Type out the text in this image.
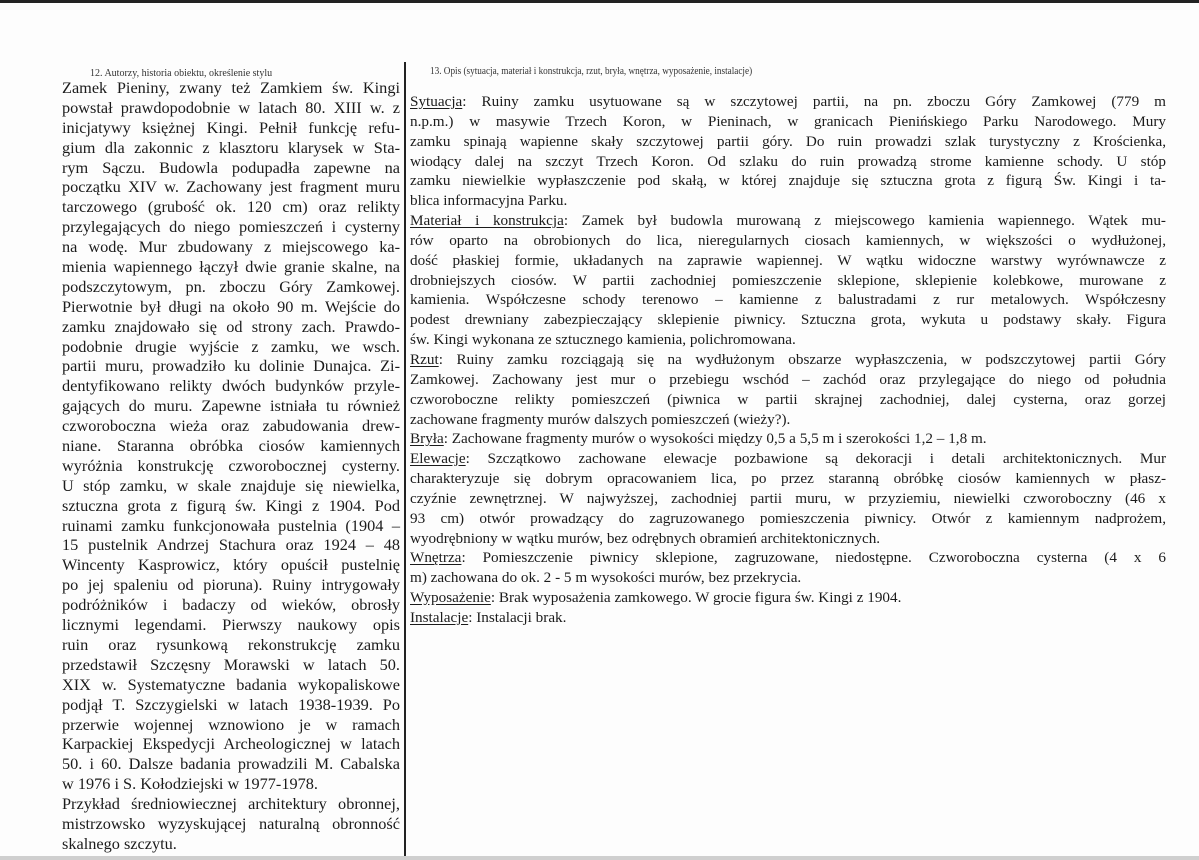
12. Autorzy, historia obiektu, określenie stylu	13. Opis (sytuacja, materiał i konstrukcja, rzut, bryła, wnętrza, wyposażenie, instalacje)
Zamek Pieniny, zwany też Zamkiem św. Kingi
powstał prawdopodobnie w latach 80. XIII w. z
inicjatywy księżnej Kingi. Pełnił funkcję refu-
gium dla zakonnic z klasztoru klarysek w Sta-
rym Sączu. Budowla podupadła zapewne na
początku XIV w. Zachowany jest fragment muru
tarczowego (grubość ok. 120 cm) oraz relikty
przylegających do niego pomieszczeń i cysterny
na wodę. Mur zbudowany z miejscowego ka-
mienia wapiennego łączył dwie granie skalne, na
podszczytowym, pn. zboczu Góry Zamkowej.
Pierwotnie był długi na około 90 m. Wejście do
zamku znajdowało się od strony zach. Prawdo-
podobnie drugie wyjście z zamku, we wsch.
partii muru, prowadziło ku dolinie Dunajca. Zi-
dentyfikowano relikty dwóch budynków przyle-
gających do muru. Zapewne istniała tu również
czworoboczna wieża oraz zabudowania drew-
niane. Staranna obróbka ciosów kamiennych
wyróżnia konstrukcję czworobocznej cysterny.
U stóp zamku, w skale znajduje się niewielka,
sztuczna grota z figurą św. Kingi z 1904. Pod
ruinami zamku funkcjonowała pustelnia (1904 –
15 pustelnik Andrzej Stachura oraz 1924 – 48
Wincenty Kasprowicz, który opuścił pustelnię
po jej spaleniu od pioruna). Ruiny intrygowały
podróżników i badaczy od wieków, obrosły
licznymi legendami. Pierwszy naukowy opis
ruin oraz rysunkową rekonstrukcję zamku
przedstawił Szczęsny Morawski w latach 50.
XIX w. Systematyczne badania wykopaliskowe
podjął T. Szczygielski w latach 1938-1939. Po
przerwie wojennej wznowiono je w ramach
Karpackiej Ekspedycji Archeologicznej w latach
50. i 60. Dalsze badania prowadzili M. Cabalska
w 1976 i S. Kołodziejski w 1977-1978.
Przykład średniowiecznej architektury obronnej,
mistrzowsko wyzyskującej naturalną obronność
skalnego szczytu.
Sytuacja: Ruiny zamku usytuowane są w szczytowej partii, na pn. zboczu Góry Zamkowej (779 m
n.p.m.) w masywie Trzech Koron, w Pieninach, w granicach Pienińskiego Parku Narodowego. Mury
zamku spinają wapienne skały szczytowej partii góry. Do ruin prowadzi szlak turystyczny z Krościenka,
wiodący dalej na szczyt Trzech Koron. Od szlaku do ruin prowadzą strome kamienne schody. U stóp
zamku niewielkie wypłaszczenie pod skałą, w której znajduje się sztuczna grota z figurą Św. Kingi i ta-
blica informacyjna Parku.
Materiał i konstrukcja: Zamek był budowla murowaną z miejscowego kamienia wapiennego. Wątek mu-
rów oparto na obrobionych do lica, nieregularnych ciosach kamiennych, w większości o wydłużonej,
dość płaskiej formie, układanych na zaprawie wapiennej. W wątku widoczne warstwy wyrównawcze z
drobniejszych ciosów. W partii zachodniej pomieszczenie sklepione, sklepienie kolebkowe, murowane z
kamienia. Współczesne schody terenowo – kamienne z balustradami z rur metalowych. Współczesny
podest drewniany zabezpieczający sklepienie piwnicy. Sztuczna grota, wykuta u podstawy skały. Figura
św. Kingi wykonana ze sztucznego kamienia, polichromowana.
Rzut: Ruiny zamku rozciągają się na wydłużonym obszarze wypłaszczenia, w podszczytowej partii Góry
Zamkowej. Zachowany jest mur o przebiegu wschód – zachód oraz przylegające do niego od południa
czworoboczne relikty pomieszczeń (piwnica w partii skrajnej zachodniej, dalej cysterna, oraz gorzej
zachowane fragmenty murów dalszych pomieszczeń (wieży?).
Bryła: Zachowane fragmenty murów o wysokości między 0,5 a 5,5 m i szerokości 1,2 – 1,8 m.
Elewacje: Szczątkowo zachowane elewacje pozbawione są dekoracji i detali architektonicznych. Mur
charakteryzuje się dobrym opracowaniem lica, po przez staranną obróbkę ciosów kamiennych w płasz-
czyźnie zewnętrznej. W najwyższej, zachodniej partii muru, w przyziemiu, niewielki czworoboczny (46 x
93 cm) otwór prowadzący do zagruzowanego pomieszczenia piwnicy. Otwór z kamiennym nadprożem,
wyodrębniony w wątku murów, bez odrębnych obramień architektonicznych.
Wnętrza: Pomieszczenie piwnicy sklepione, zagruzowane, niedostępne. Czworoboczna cysterna (4 x 6
m) zachowana do ok. 2 - 5 m wysokości murów, bez przekrycia.
Wyposażenie: Brak wyposażenia zamkowego. W grocie figura św. Kingi z 1904.
Instalacje: Instalacji brak.
